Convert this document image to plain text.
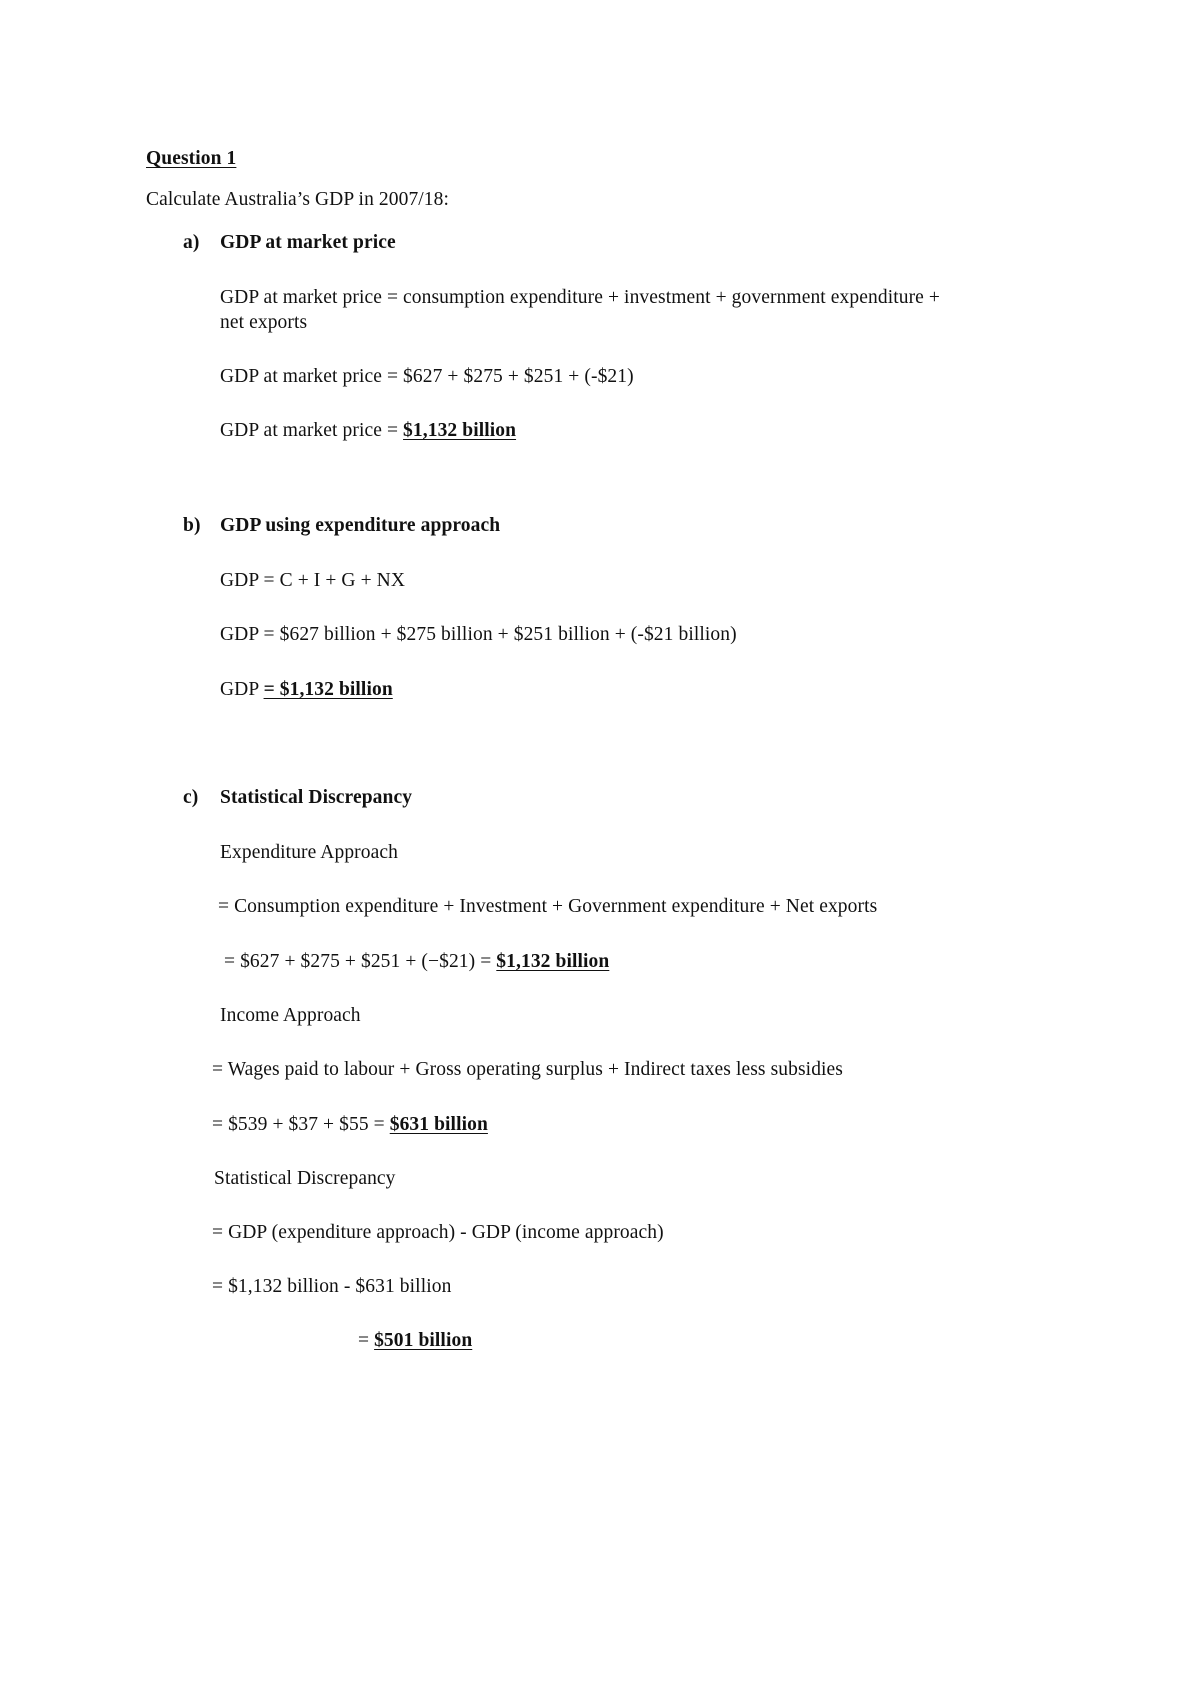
Question 1
Calculate Australia’s GDP in 2007/18:
a) GDP at market price
GDP at market price = consumption expenditure + investment + government expenditure +
net exports
GDP at market price = $627 + $275 + $251 + (-$21)
GDP at market price = $1,132 billion
b) GDP using expenditure approach
GDP = C + I + G + NX
GDP = $627 billion + $275 billion + $251 billion + (-$21 billion)
GDP = $1,132 billion
c) Statistical Discrepancy
Expenditure Approach
= Consumption expenditure + Investment + Government expenditure + Net exports
= $627 + $275 + $251 + (−$21) = $1,132 billion
Income Approach
= Wages paid to labour + Gross operating surplus + Indirect taxes less subsidies
= $539 + $37 + $55 = $631 billion
Statistical Discrepancy
= GDP (expenditure approach) - GDP (income approach)
= $1,132 billion - $631 billion
= $501 billion
